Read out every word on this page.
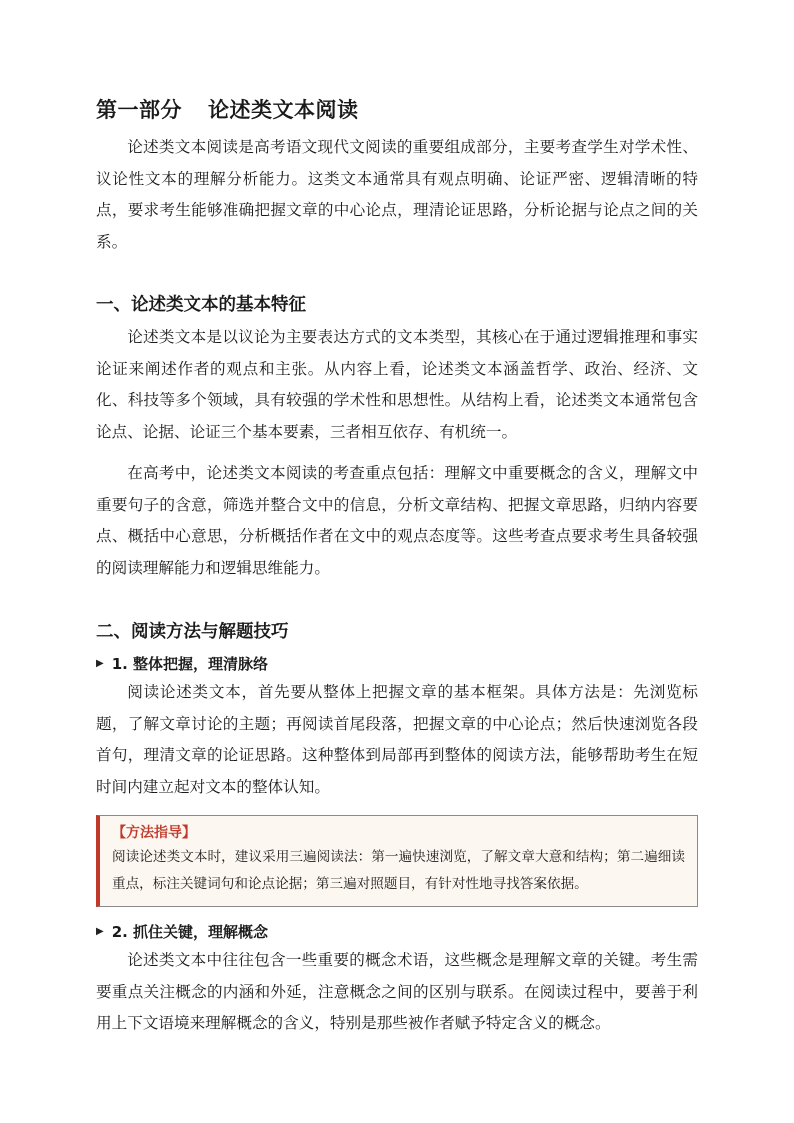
第一部分 论述类文本阅读

论述类文本阅读是高考语文现代文阅读的重要组成部分，主要考查学生对学术性、议论性文本的理解分析能力。这类文本通常具有观点明确、论证严密、逻辑清晰的特点，要求考生能够准确把握文章的中心论点，理清论证思路，分析论据与论点之间的关系。

一、论述类文本的基本特征

论述类文本是以议论为主要表达方式的文本类型，其核心在于通过逻辑推理和事实论证来阐述作者的观点和主张。从内容上看，论述类文本涵盖哲学、政治、经济、文化、科技等多个领域，具有较强的学术性和思想性。从结构上看，论述类文本通常包含论点、论据、论证三个基本要素，三者相互依存、有机统一。

在高考中，论述类文本阅读的考查重点包括：理解文中重要概念的含义，理解文中重要句子的含意，筛选并整合文中的信息，分析文章结构、把握文章思路，归纳内容要点、概括中心意思，分析概括作者在文中的观点态度等。这些考查点要求考生具备较强的阅读理解能力和逻辑思维能力。

二、阅读方法与解题技巧
▶ 1. 整体把握，理清脉络

阅读论述类文本，首先要从整体上把握文章的基本框架。具体方法是：先浏览标题，了解文章讨论的主题；再阅读首尾段落，把握文章的中心论点；然后快速浏览各段首句，理清文章的论证思路。这种整体到局部再到整体的阅读方法，能够帮助考生在短时间内建立起对文本的整体认知。

【方法指导】

阅读论述类文本时，建议采用三遍阅读法：第一遍快速浏览，了解文章大意和结构；第二遍细读重点，标注关键词句和论点论据；第三遍对照题目，有针对性地寻找答案依据。

▶ 2. 抓住关键，理解概念

论述类文本中往往包含一些重要的概念术语，这些概念是理解文章的关键。考生需要重点关注概念的内涵和外延，注意概念之间的区别与联系。在阅读过程中，要善于利用上下文语境来理解概念的含义，特别是那些被作者赋予特定含义的概念。
